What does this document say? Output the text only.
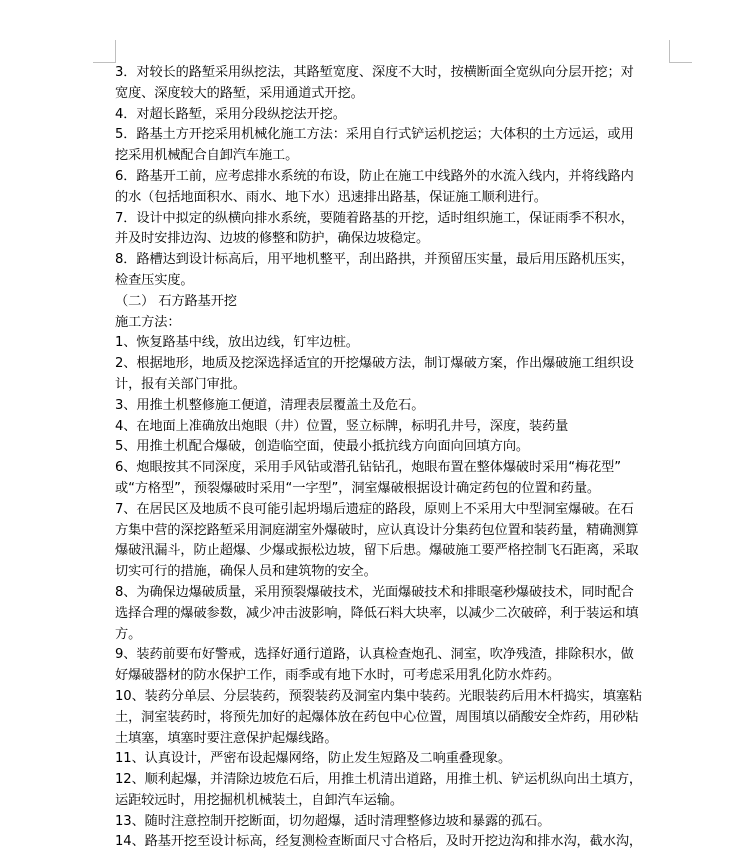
3．对较长的路堑采用纵挖法，其路堑宽度、深度不大时，按横断面全宽纵向分层开挖；对
宽度、深度较大的路堑，采用通道式开挖。
4．对超长路堑，采用分段纵挖法开挖。
5．路基土方开挖采用机械化施工方法：采用自行式铲运机挖运；大体积的土方远运，或用
挖采用机械配合自卸汽车施工。
6．路基开工前，应考虑排水系统的布设，防止在施工中线路外的水流入线内，并将线路内
的水（包括地面积水、雨水、地下水）迅速排出路基，保证施工顺利进行。
7．设计中拟定的纵横向排水系统，要随着路基的开挖，适时组织施工，保证雨季不积水，
并及时安排边沟、边坡的修整和防护，确保边坡稳定。
8．路槽达到设计标高后，用平地机整平，刮出路拱，并预留压实量，最后用压路机压实，
检查压实度。
（二） 石方路基开挖
施工方法：
1、恢复路基中线，放出边线，钉牢边桩。
2、根据地形，地质及挖深选择适宜的开挖爆破方法，制订爆破方案，作出爆破施工组织设
计，报有关部门审批。
3、用推土机整修施工便道，清理表层覆盖土及危石。
4、在地面上准确放出炮眼（井）位置，竖立标牌，标明孔井号，深度，装药量
5、用推土机配合爆破，创造临空面，使最小抵抗线方向面向回填方向。
6、炮眼按其不同深度，采用手风钻或潜孔钻钻孔，炮眼布置在整体爆破时采用“梅花型”
或“方格型”，预裂爆破时采用“一字型”，洞室爆破根据设计确定药包的位置和药量。
7、在居民区及地质不良可能引起坍塌后遗症的路段，原则上不采用大中型洞室爆破。在石
方集中营的深挖路堑采用洞庭湖室外爆破时，应认真设计分集药包位置和装药量，精确测算
爆破汛漏斗，防止超爆、少爆或振松边坡，留下后患。爆破施工要严格控制飞石距离，采取
切实可行的措施，确保人员和建筑物的安全。
8、为确保边爆破质量，采用预裂爆破技术，光面爆破技术和排眼毫秒爆破技术，同时配合
选择合理的爆破参数，减少冲击波影响，降低石料大块率，以减少二次破碎，利于装运和填
方。
9、装药前要布好警戒，选择好通行道路，认真检查炮孔、洞室，吹净残渣，排除积水，做
好爆破器材的防水保护工作，雨季或有地下水时，可考虑采用乳化防水炸药。
10、装药分单层、分层装药，预裂装药及洞室内集中装药。光眼装药后用木杆捣实，填塞粘
土，洞室装药时，将预先加好的起爆体放在药包中心位置，周围填以硝酸安全炸药，用砂粘
土填塞，填塞时要注意保护起爆线路。
11、认真设计，严密布设起爆网络，防止发生短路及二响重叠现象。
12、顺利起爆，并清除边坡危石后，用推土机清出道路，用推土机、铲运机纵向出土填方，
运距较远时，用挖掘机机械装土，自卸汽车运输。
13、随时注意控制开挖断面，切勿超爆，适时清理整修边坡和暴露的孤石。
14、路基开挖至设计标高，经复测检查断面尺寸合格后，及时开挖边沟和排水沟，截水沟，
